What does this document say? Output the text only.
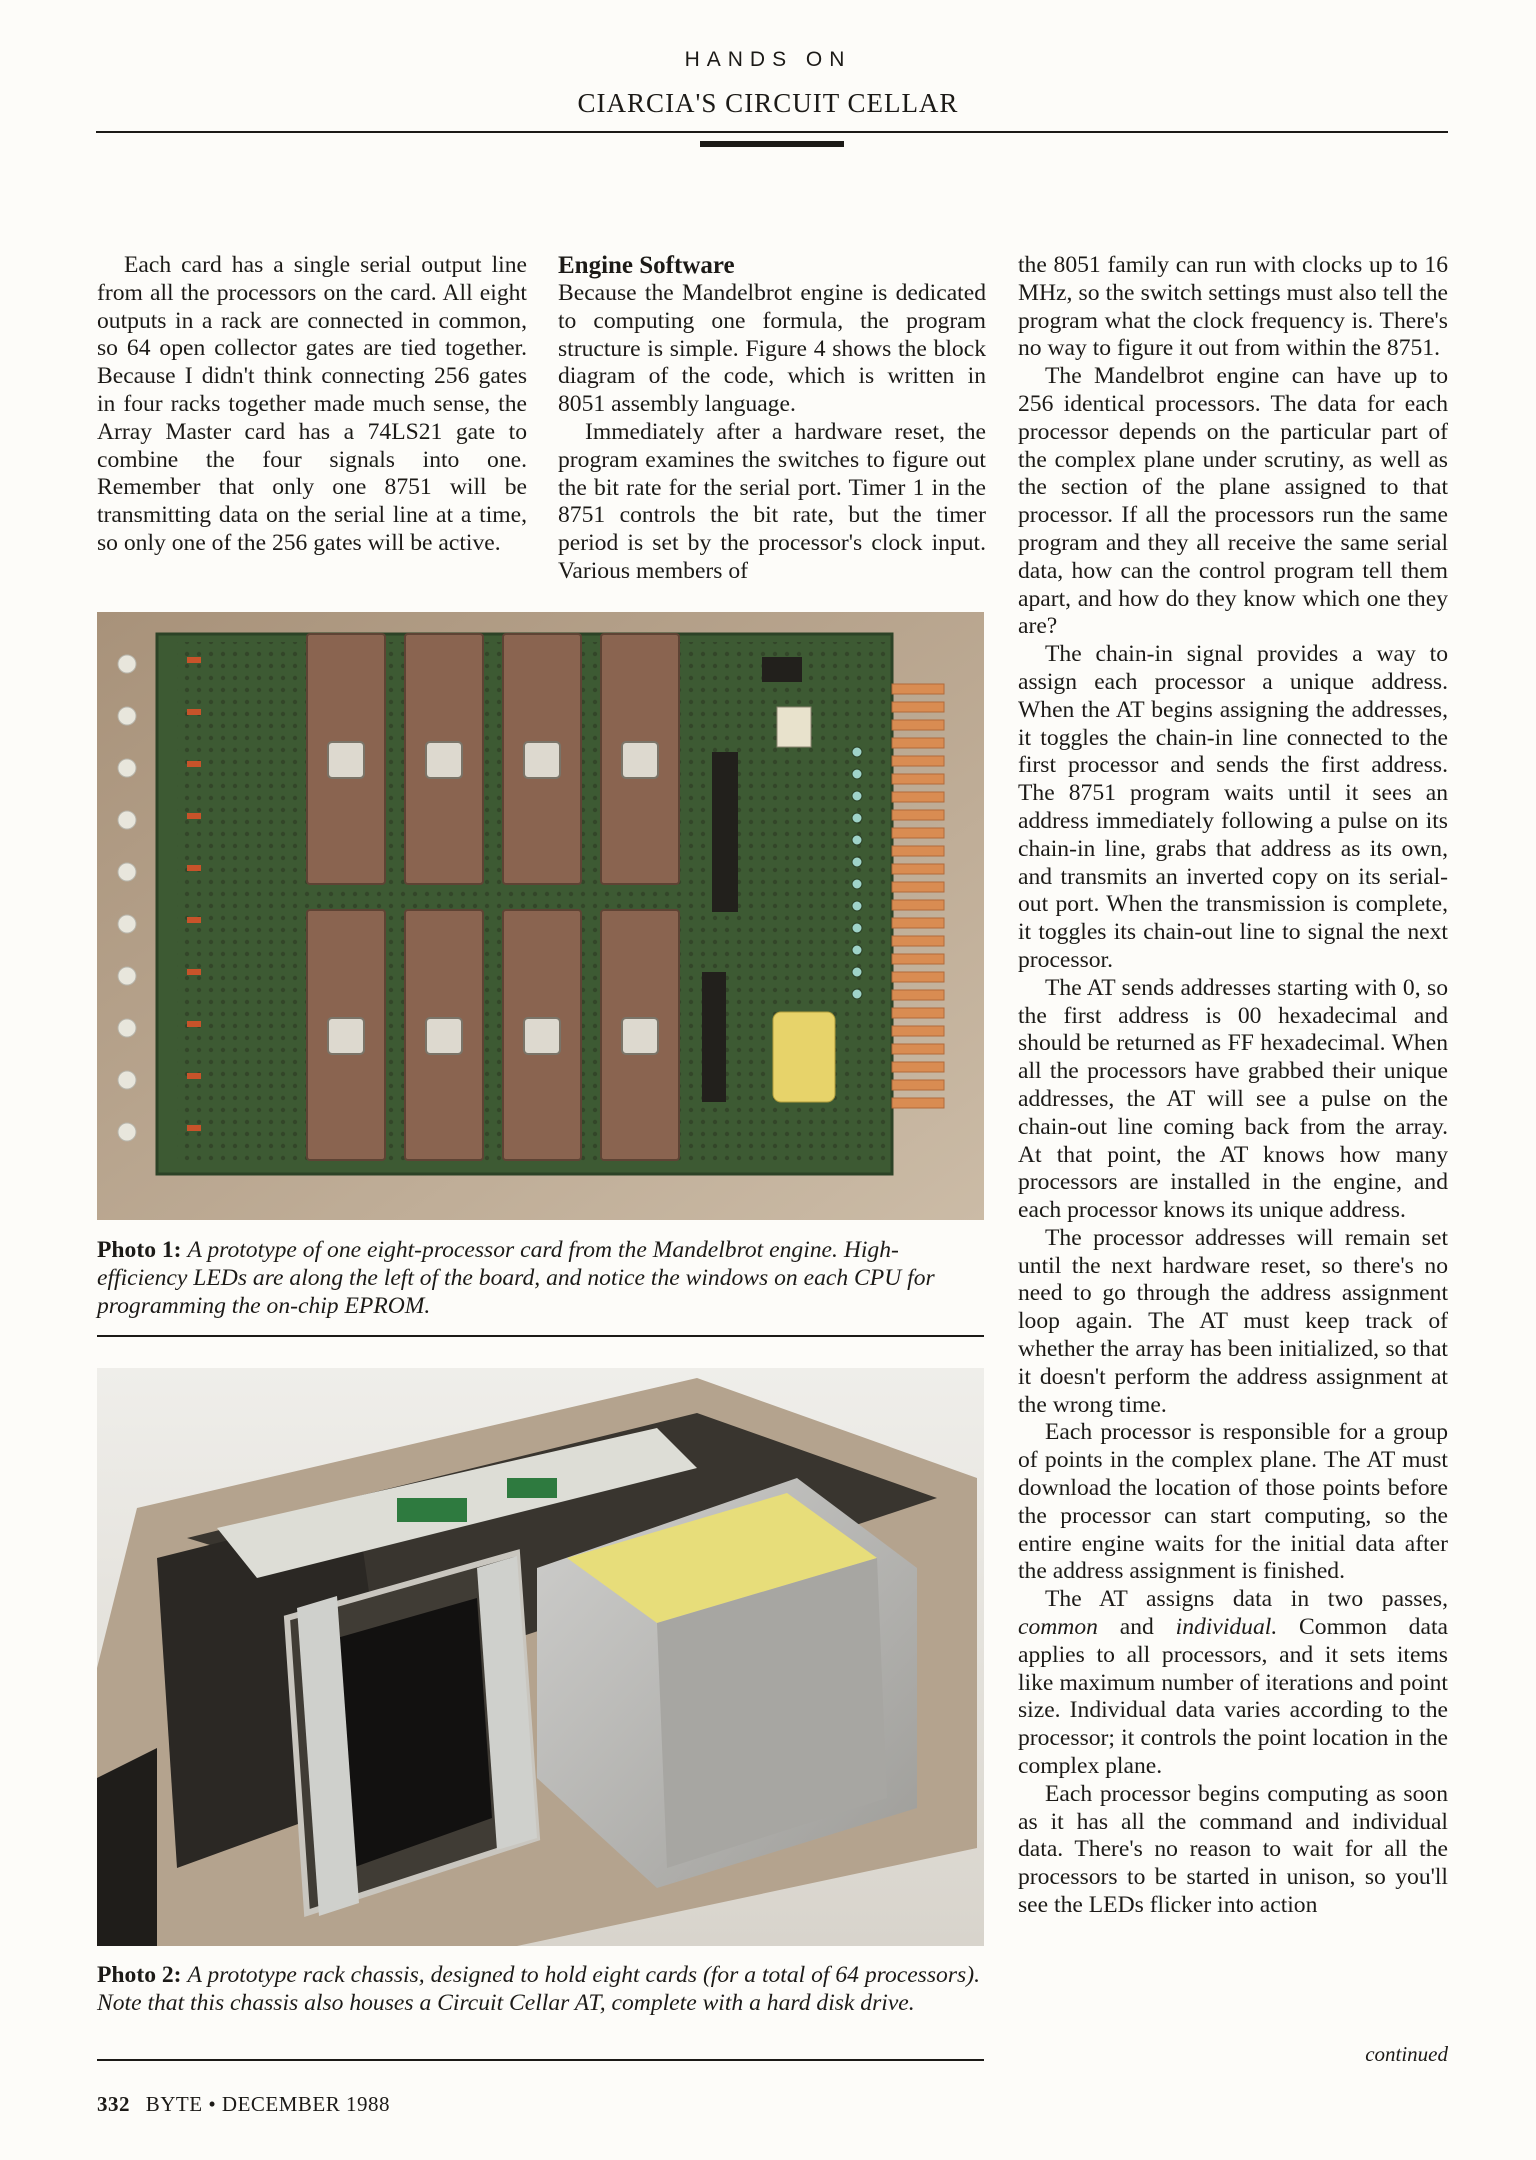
HANDS ON
CIARCIA'S CIRCUIT CELLAR

Each card has a single serial output line from all the processors on the card. All eight outputs in a rack are connected in common, so 64 open collector gates are tied together. Because I didn't think connecting 256 gates in four racks together made much sense, the Array Master card has a 74LS21 gate to combine the four signals into one. Remember that only one 8751 will be transmitting data on the serial line at a time, so only one of the 256 gates will be active.

Engine Software

Because the Mandelbrot engine is dedicated to computing one formula, the program structure is simple. Figure 4 shows the block diagram of the code, which is written in 8051 assembly language.

Immediately after a hardware reset, the program examines the switches to figure out the bit rate for the serial port. Timer 1 in the 8751 controls the bit rate, but the timer period is set by the processor's clock input. Various members of

the 8051 family can run with clocks up to 16 MHz, so the switch settings must also tell the program what the clock frequency is. There's no way to figure it out from within the 8751.

The Mandelbrot engine can have up to 256 identical processors. The data for each processor depends on the particular part of the complex plane under scrutiny, as well as the section of the plane assigned to that processor. If all the processors run the same program and they all receive the same serial data, how can the control program tell them apart, and how do they know which one they are?

The chain-in signal provides a way to assign each processor a unique address. When the AT begins assigning the addresses, it toggles the chain-in line connected to the first processor and sends the first address. The 8751 program waits until it sees an address immediately following a pulse on its chain-in line, grabs that address as its own, and transmits an inverted copy on its serial-out port. When the transmission is complete, it toggles its chain-out line to signal the next processor.

The AT sends addresses starting with 0, so the first address is 00 hexadecimal and should be returned as FF hexadecimal. When all the processors have grabbed their unique addresses, the AT will see a pulse on the chain-out line coming back from the array. At that point, the AT knows how many processors are installed in the engine, and each processor knows its unique address.

The processor addresses will remain set until the next hardware reset, so there's no need to go through the address assignment loop again. The AT must keep track of whether the array has been initialized, so that it doesn't perform the address assignment at the wrong time.

Each processor is responsible for a group of points in the complex plane. The AT must download the location of those points before the processor can start computing, so the entire engine waits for the initial data after the address assignment is finished.

The AT assigns data in two passes, common and individual. Common data applies to all processors, and it sets items like maximum number of iterations and point size. Individual data varies according to the processor; it controls the point location in the complex plane.

Each processor begins computing as soon as it has all the command and individual data. There's no reason to wait for all the processors to be started in unison, so you'll see the LEDs flicker into action

Photo 1: A prototype of one eight-processor card from the Mandelbrot engine. High-efficiency LEDs are along the left of the board, and notice the windows on each CPU for programming the on-chip EPROM.
Photo 2: A prototype rack chassis, designed to hold eight cards (for a total of 64 processors). Note that this chassis also houses a Circuit Cellar AT, complete with a hard disk drive.
continued
332 BYTE • DECEMBER 1988
